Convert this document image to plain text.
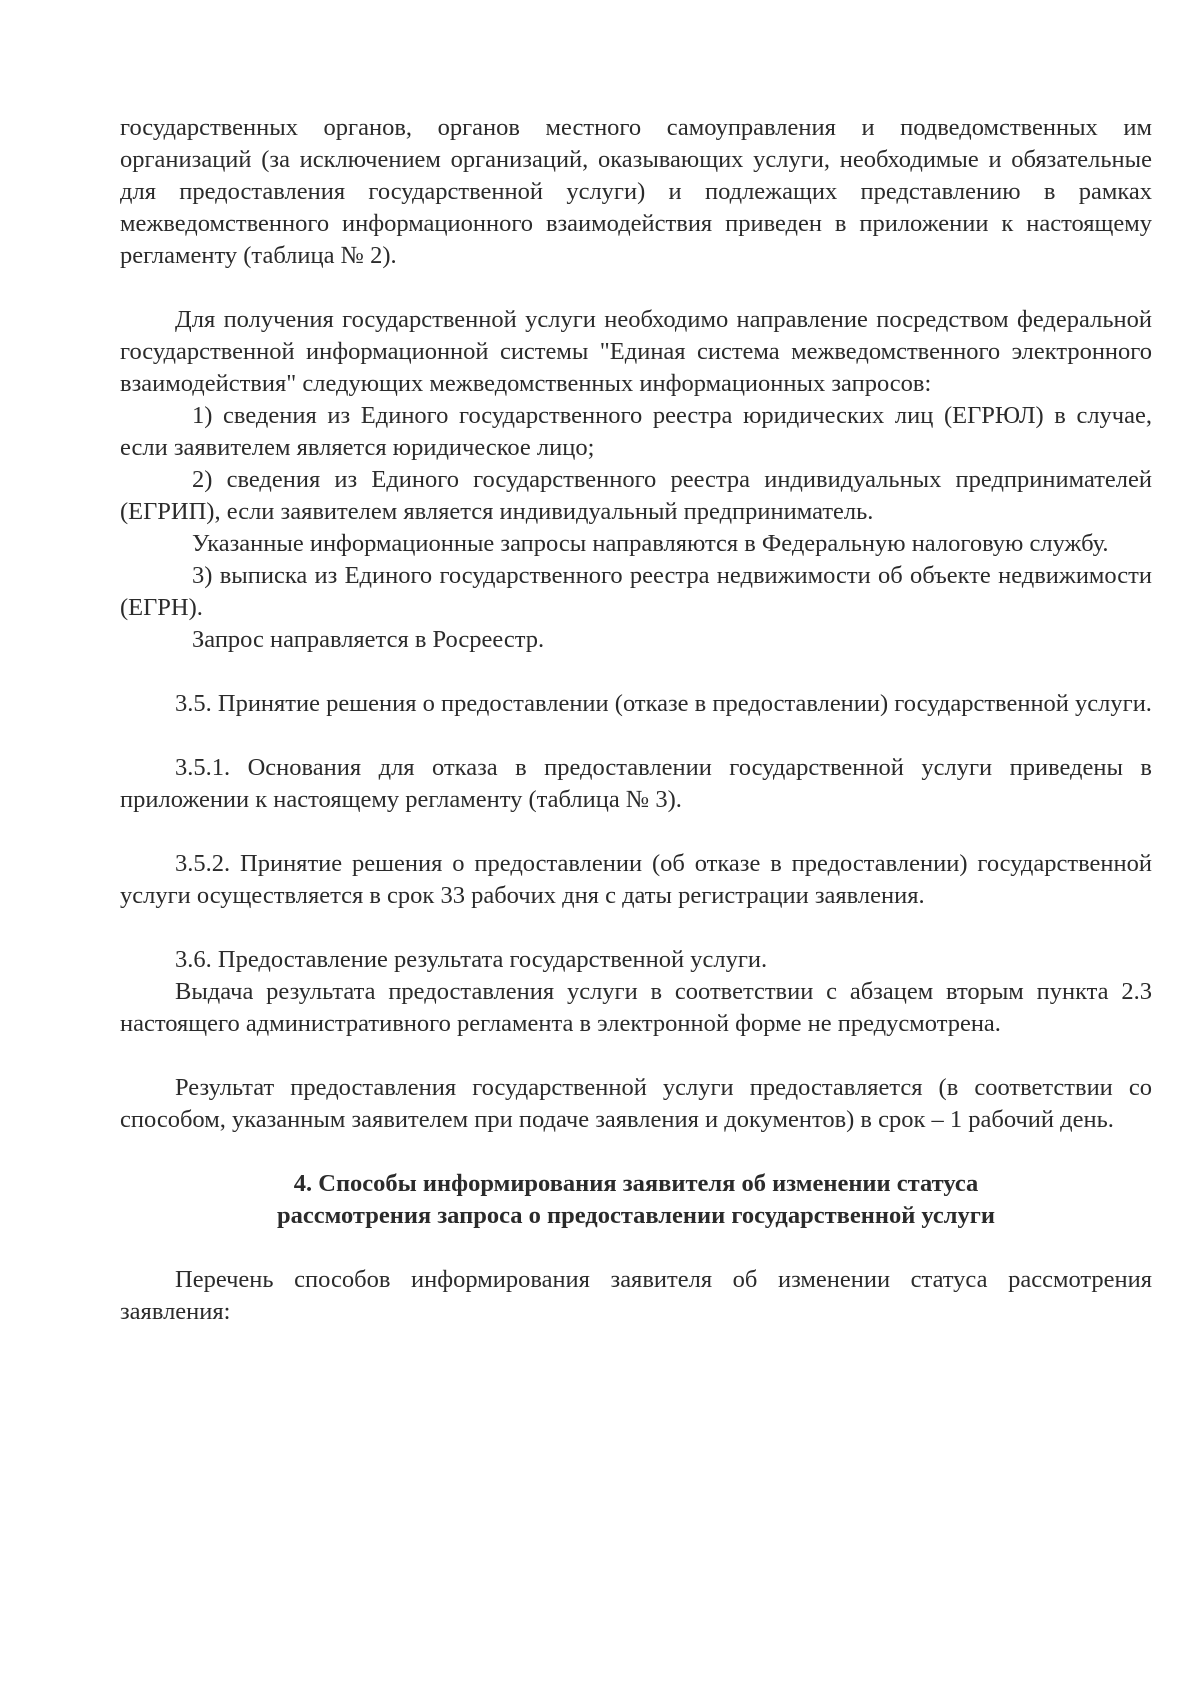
государственных органов, органов местного самоуправления и подведомственных им организаций (за исключением организаций, оказывающих услуги, необходимые и обязательные для предоставления государственной услуги) и подлежащих представлению в рамках межведомственного информационного взаимодействия приведен в приложении к настоящему регламенту (таблица № 2).

Для получения государственной услуги необходимо направление посредством федеральной государственной информационной системы "Единая система межведомственного электронного взаимодействия" следующих межведомственных информационных запросов:

1) сведения из Единого государственного реестра юридических лиц (ЕГРЮЛ) в случае, если заявителем является юридическое лицо;

2) сведения из Единого государственного реестра индивидуальных предпринимателей (ЕГРИП), если заявителем является индивидуальный предприниматель.

Указанные информационные запросы направляются в Федеральную налоговую службу.

3) выписка из Единого государственного реестра недвижимости об объекте недвижимости (ЕГРН).

Запрос направляется в Росреестр.

3.5. Принятие решения о предоставлении (отказе в предоставлении) государственной услуги.

3.5.1. Основания для отказа в предоставлении государственной услуги приведены в приложении к настоящему регламенту (таблица № 3).

3.5.2. Принятие решения о предоставлении (об отказе в предоставлении) государственной услуги осуществляется в срок 33 рабочих дня с даты регистрации заявления.

3.6. Предоставление результата государственной услуги.

Выдача результата предоставления услуги в соответствии с абзацем вторым пункта 2.3 настоящего административного регламента в электронной форме не предусмотрена.

Результат предоставления государственной услуги предоставляется (в соответствии со способом, указанным заявителем при подаче заявления и документов) в срок – 1 рабочий день.

4. Способы информирования заявителя об изменении статуса
рассмотрения запроса о предоставлении государственной услуги

Перечень способов информирования заявителя об изменении статуса рассмотрения заявления:
